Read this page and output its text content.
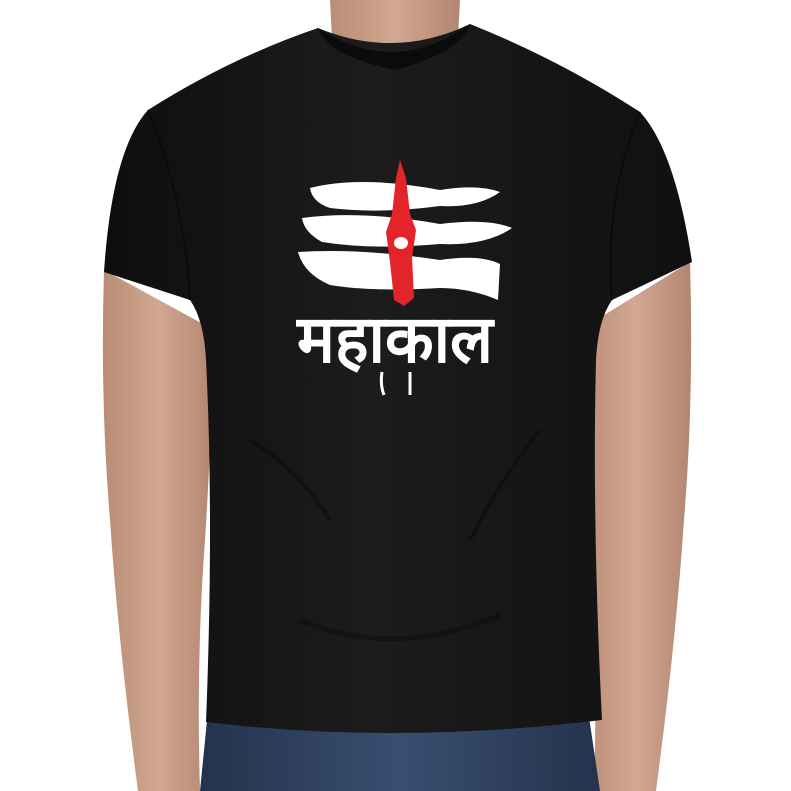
महाकाल
